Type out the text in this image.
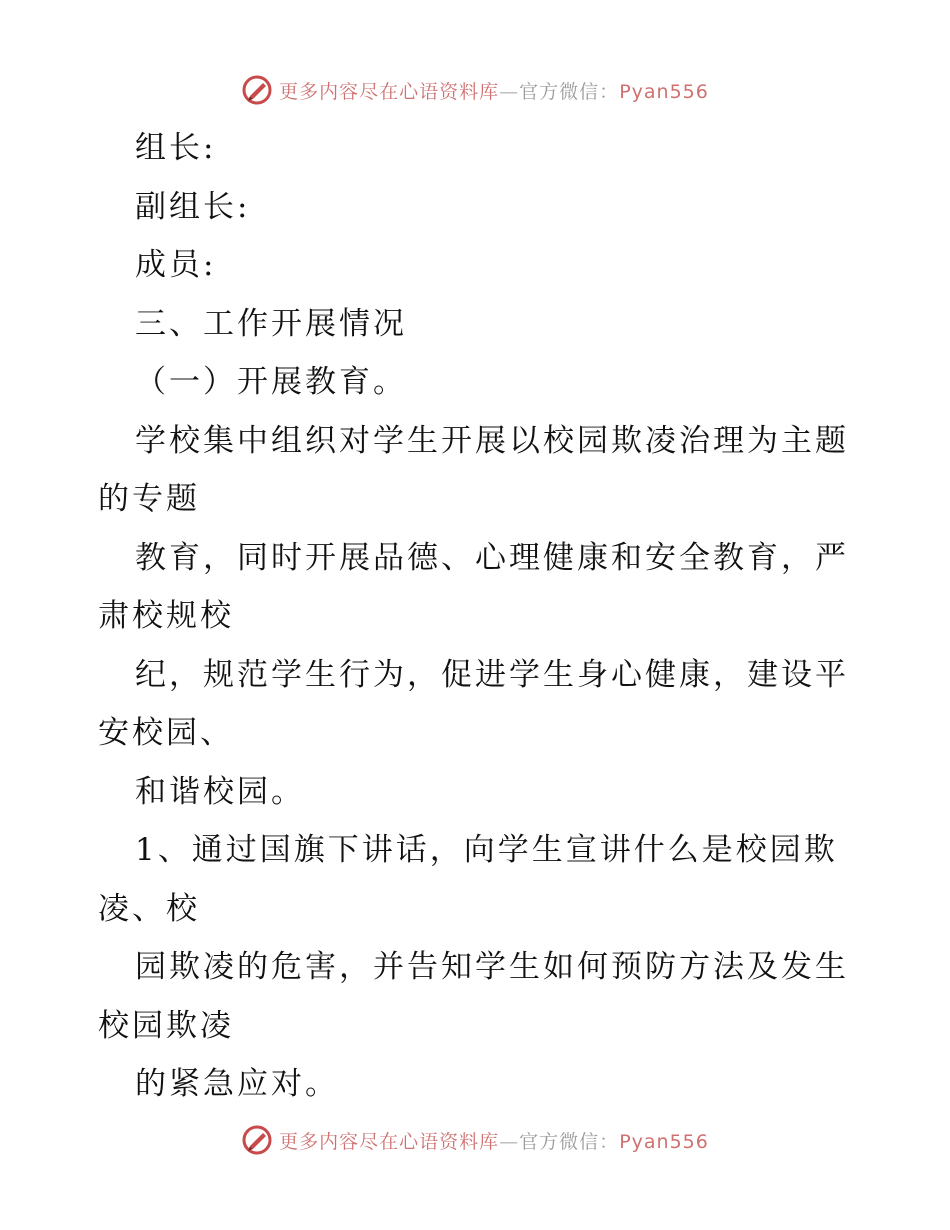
更多内容尽在心语资料库—官方微信：Pyan556
组长:
副组长:
成员:
三、工作开展情况
（一）开展教育。
学校集中组织对学生开展以校园欺凌治理为主题
的专题
教育，同时开展品德、心理健康和安全教育，严
肃校规校
纪，规范学生行为，促进学生身心健康，建设平
安校园、
和谐校园。
1、通过国旗下讲话，向学生宣讲什么是校园欺
凌、校
园欺凌的危害，并告知学生如何预防方法及发生
校园欺凌
的紧急应对。
更多内容尽在心语资料库—官方微信：Pyan556
